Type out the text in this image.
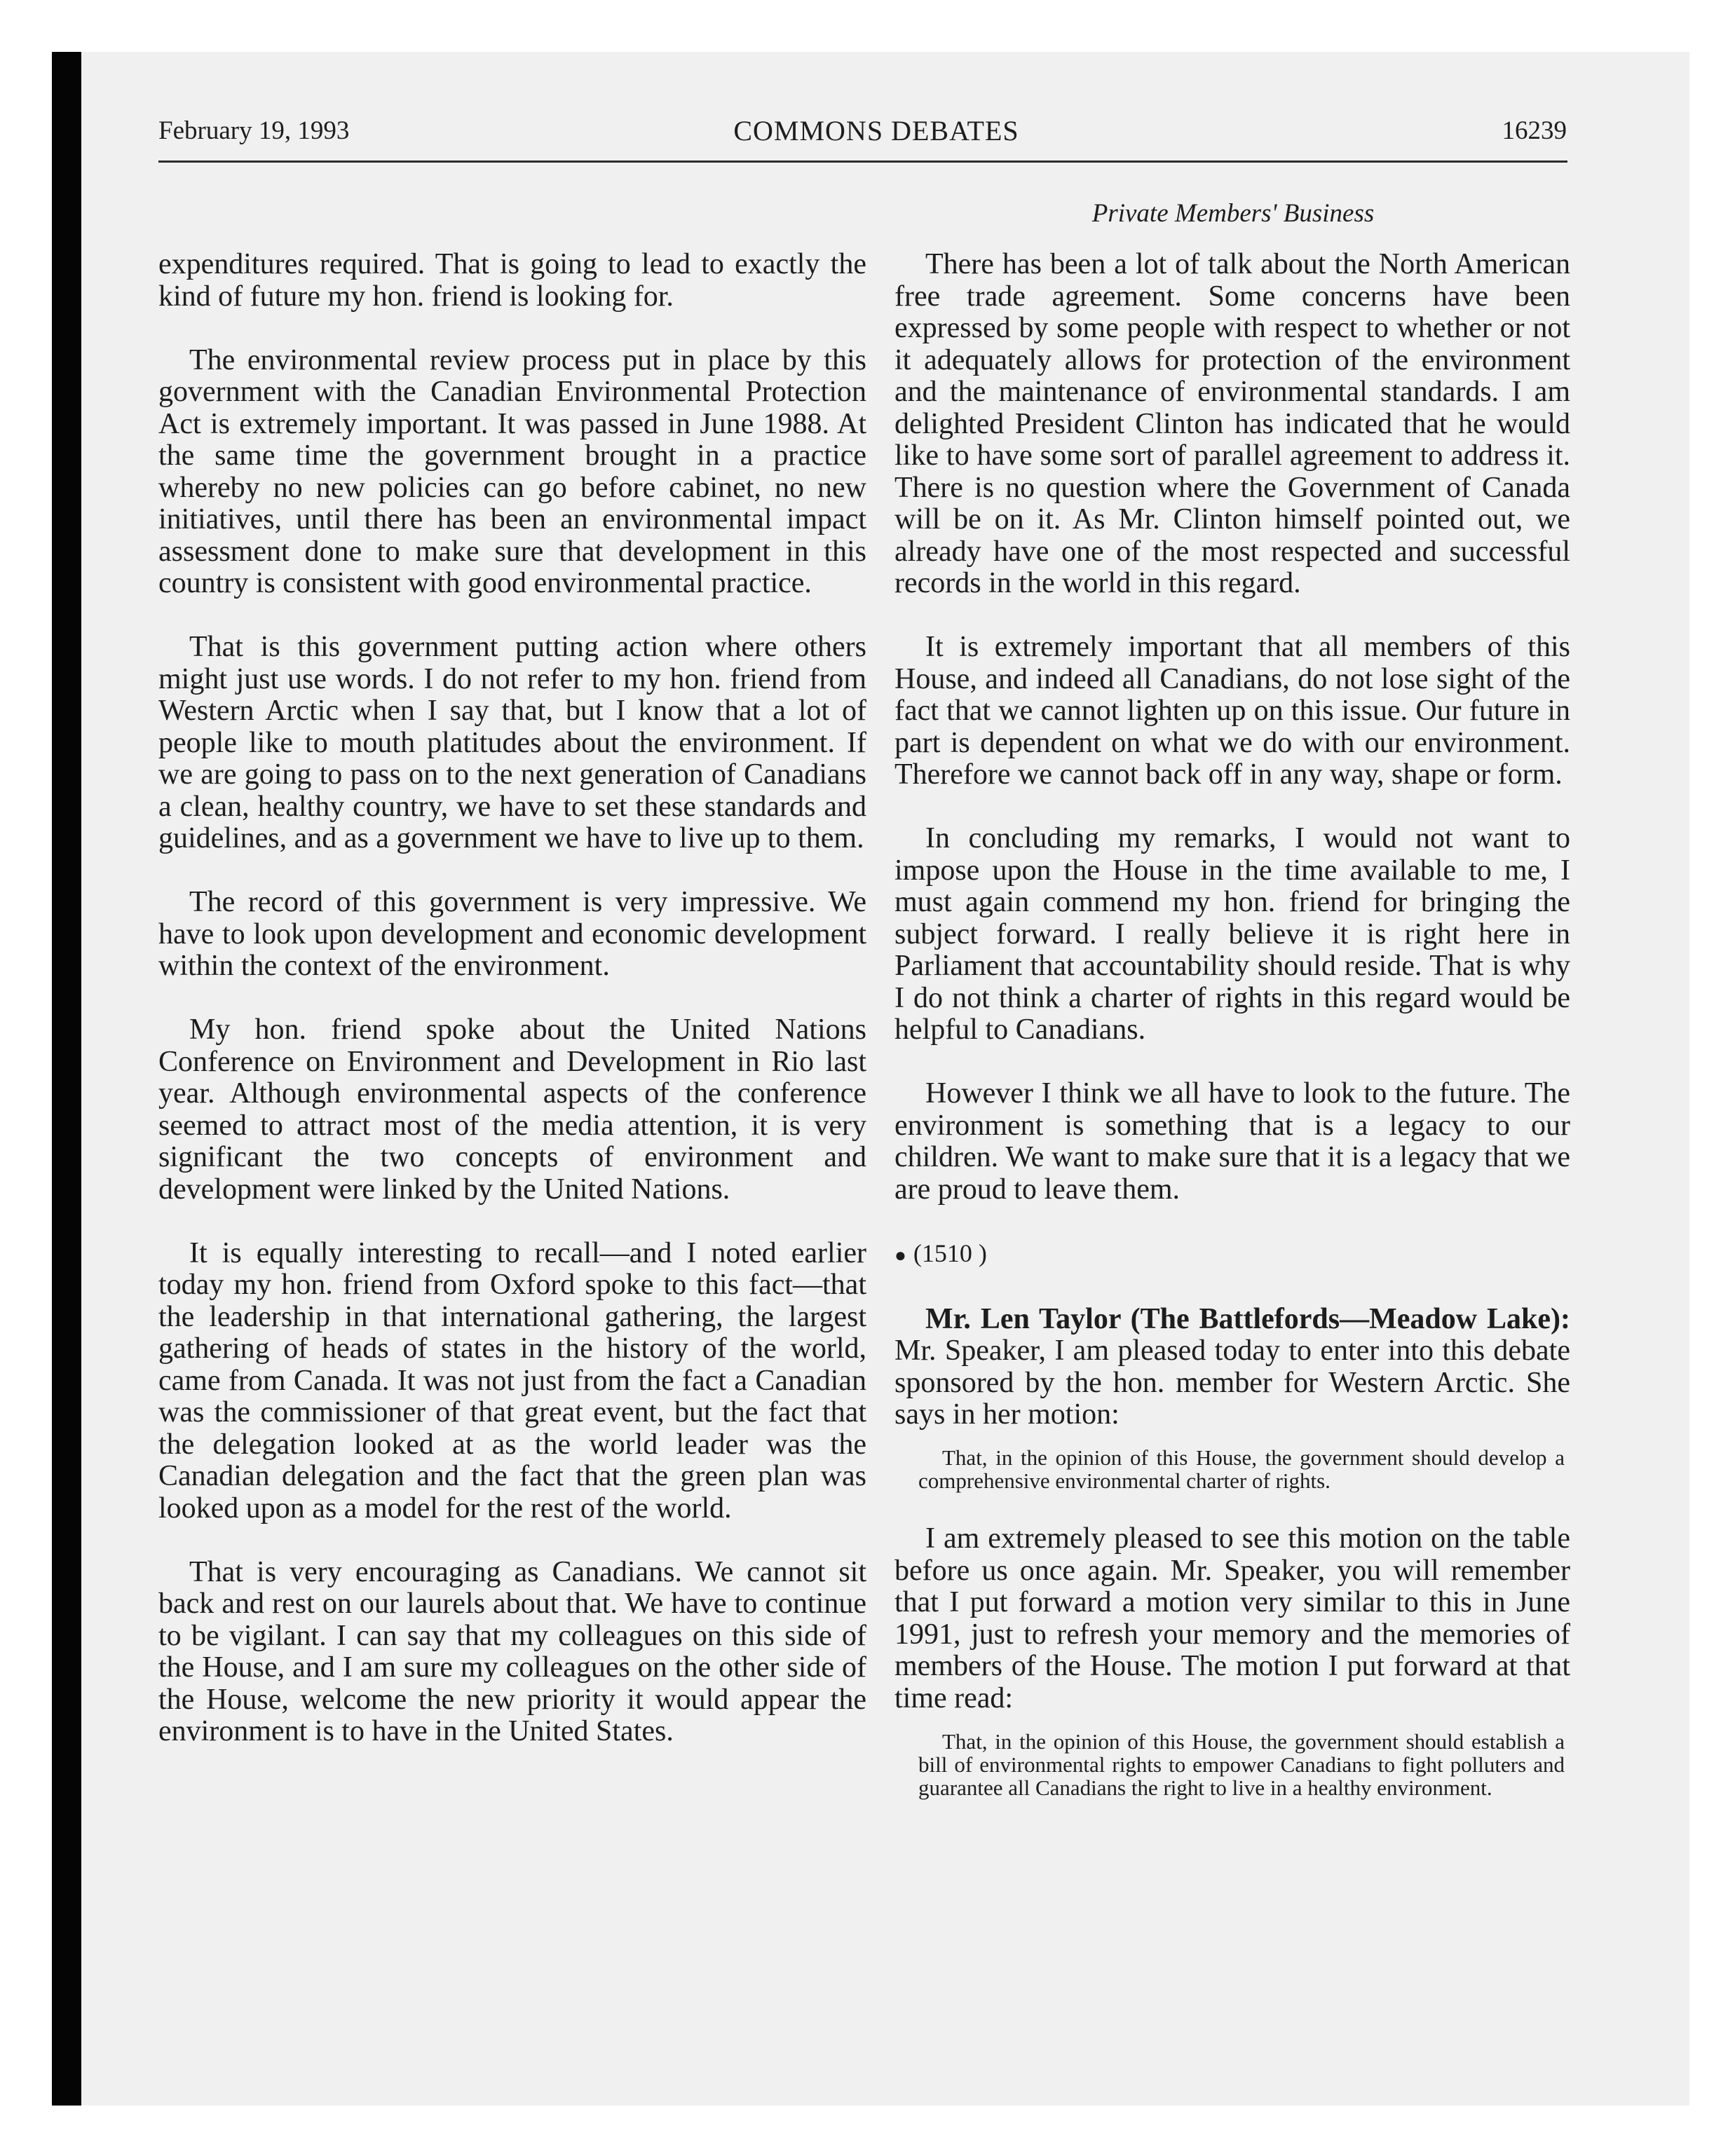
February 19, 1993	COMMONS DEBATES	16239
Private Members' Business

expenditures required. That is going to lead to exactly the kind of future my hon. friend is looking for.

The environmental review process put in place by this government with the Canadian Environmental Protection Act is extremely important. It was passed in June 1988. At the same time the government brought in a practice whereby no new policies can go before cabinet, no new initiatives, until there has been an environmental impact assessment done to make sure that development in this country is consistent with good environmental practice.

That is this government putting action where others might just use words. I do not refer to my hon. friend from Western Arctic when I say that, but I know that a lot of people like to mouth platitudes about the environment. If we are going to pass on to the next generation of Canadians a clean, healthy country, we have to set these standards and guidelines, and as a government we have to live up to them.

The record of this government is very impressive. We have to look upon development and economic development within the context of the environment.

My hon. friend spoke about the United Nations Conference on Environment and Development in Rio last year. Although environmental aspects of the conference seemed to attract most of the media attention, it is very significant the two concepts of environment and development were linked by the United Nations.

It is equally interesting to recall—and I noted earlier today my hon. friend from Oxford spoke to this fact—that the leadership in that international gathering, the largest gathering of heads of states in the history of the world, came from Canada. It was not just from the fact a Canadian was the commissioner of that great event, but the fact that the delegation looked at as the world leader was the Canadian delegation and the fact that the green plan was looked upon as a model for the rest of the world.

That is very encouraging as Canadians. We cannot sit back and rest on our laurels about that. We have to continue to be vigilant. I can say that my colleagues on this side of the House, and I am sure my colleagues on the other side of the House, welcome the new priority it would appear the environment is to have in the United States.

There has been a lot of talk about the North American free trade agreement. Some concerns have been expressed by some people with respect to whether or not it adequately allows for protection of the environment and the maintenance of environmental standards. I am delighted President Clinton has indicated that he would like to have some sort of parallel agreement to address it. There is no question where the Government of Canada will be on it. As Mr. Clinton himself pointed out, we already have one of the most respected and successful records in the world in this regard.

It is extremely important that all members of this House, and indeed all Canadians, do not lose sight of the fact that we cannot lighten up on this issue. Our future in part is dependent on what we do with our environment. Therefore we cannot back off in any way, shape or form.

In concluding my remarks, I would not want to impose upon the House in the time available to me, I must again commend my hon. friend for bringing the subject forward. I really believe it is right here in Parliament that accountability should reside. That is why I do not think a charter of rights in this regard would be helpful to Canadians.

However I think we all have to look to the future. The environment is something that is a legacy to our children. We want to make sure that it is a legacy that we are proud to leave them.

● (1510 )

Mr. Len Taylor (The Battlefords—Meadow Lake): Mr. Speaker, I am pleased today to enter into this debate sponsored by the hon. member for Western Arctic. She says in her motion:

That, in the opinion of this House, the government should develop a comprehensive environmental charter of rights.

I am extremely pleased to see this motion on the table before us once again. Mr. Speaker, you will remember that I put forward a motion very similar to this in June 1991, just to refresh your memory and the memories of members of the House. The motion I put forward at that time read:

That, in the opinion of this House, the government should establish a bill of environmental rights to empower Canadians to fight polluters and guarantee all Canadians the right to live in a healthy environment.
